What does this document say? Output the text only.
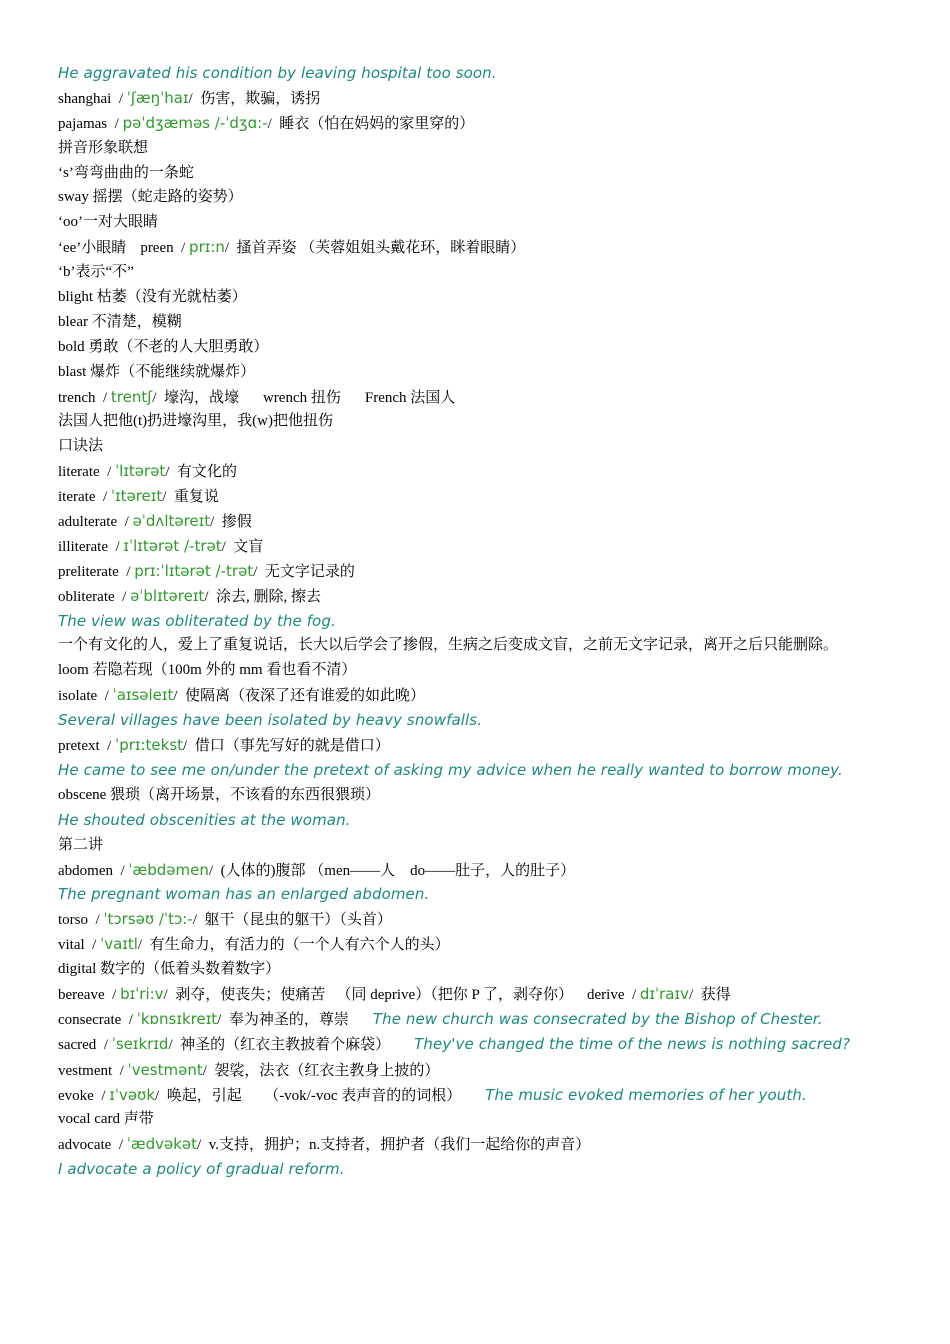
He aggravated his condition by leaving hospital too soon.
shanghai  / ˈʃæŋˈhaɪ/  伤害，欺骗，诱拐
pajamas  / pəˈdʒæməs /-ˈdʒɑ:-/  睡衣（怕在妈妈的家里穿的）
拼音形象联想
‘s’弯弯曲曲的一条蛇
sway 摇摆（蛇走路的姿势）
‘oo’一对大眼睛
‘ee’小眼睛 preen  / prɪ:n/  搔首弄姿 （芙蓉姐姐头戴花环，眯着眼睛）
‘b’表示“不”
blight 枯萎（没有光就枯萎）
blear 不清楚，模糊
bold 勇敢（不老的人大胆勇敢）
blast 爆炸（不能继续就爆炸）
trench  / trentʃ/  壕沟，战壕 wrench 扭伤 French 法国人
法国人把他(t)扔进壕沟里，我(w)把他扭伤
口诀法
literate  / ˈlɪtərət/  有文化的
iterate  / ˈɪtəreɪt/  重复说
adulterate  / əˈdʌltəreɪt/  掺假
illiterate  / ɪˈlɪtərət /-trət/  文盲
preliterate  / prɪ:ˈlɪtərət /-trət/  无文字记录的
obliterate  / əˈblɪtəreɪt/  涂去, 删除, 擦去
The view was obliterated by the fog.
一个有文化的人，爱上了重复说话，长大以后学会了掺假，生病之后变成文盲，之前无文字记录，离开之后只能删除。
loom 若隐若现（100m 外的 mm 看也看不清）
isolate  / ˈaɪsəleɪt/  使隔离（夜深了还有谁爱的如此晚）
Several villages have been isolated by heavy snowfalls.
pretext  / ˈprɪ:tekst/  借口（事先写好的就是借口）
He came to see me on/under the pretext of asking my advice when he really wanted to borrow money.
obscene 猥琐（离开场景，不该看的东西很猥琐）
He shouted obscenities at the woman.
第二讲
abdomen  / ˈæbdəmen/  (人体的)腹部 （men——人　do——肚子，人的肚子）
The pregnant woman has an enlarged abdomen.
torso  / ˈtɔrsəʊ /ˈtɔ:-/  躯干（昆虫的躯干）（头首）
vital  / ˈvaɪtl/  有生命力，有活力的（一个人有六个人的头）
digital 数字的（低着头数着数字）
bereave  / bɪˈri:v/  剥夺，使丧失；使痛苦 　（同 deprive）（把你 P 了，剥夺你） derive  / dɪˈraɪv/  获得
consecrate  / ˈkɒnsɪkreɪt/  奉为神圣的，尊崇 The new church was consecrated by the Bishop of Chester.
sacred  / ˈseɪkrɪd/  神圣的（红衣主教披着个麻袋） They've changed the time of the news is nothing sacred?
vestment  / ˈvestmənt/  袈裟，法衣（红衣主教身上披的）
evoke  / ɪˈvəʊk/  唤起，引起 　 （-vok/-voc 表声音的的词根） The music evoked memories of her youth.
vocal card 声带
advocate  / ˈædvəkət/  v.支持，拥护；n.支持者，拥护者（我们一起给你的声音）
I advocate a policy of gradual reform.
